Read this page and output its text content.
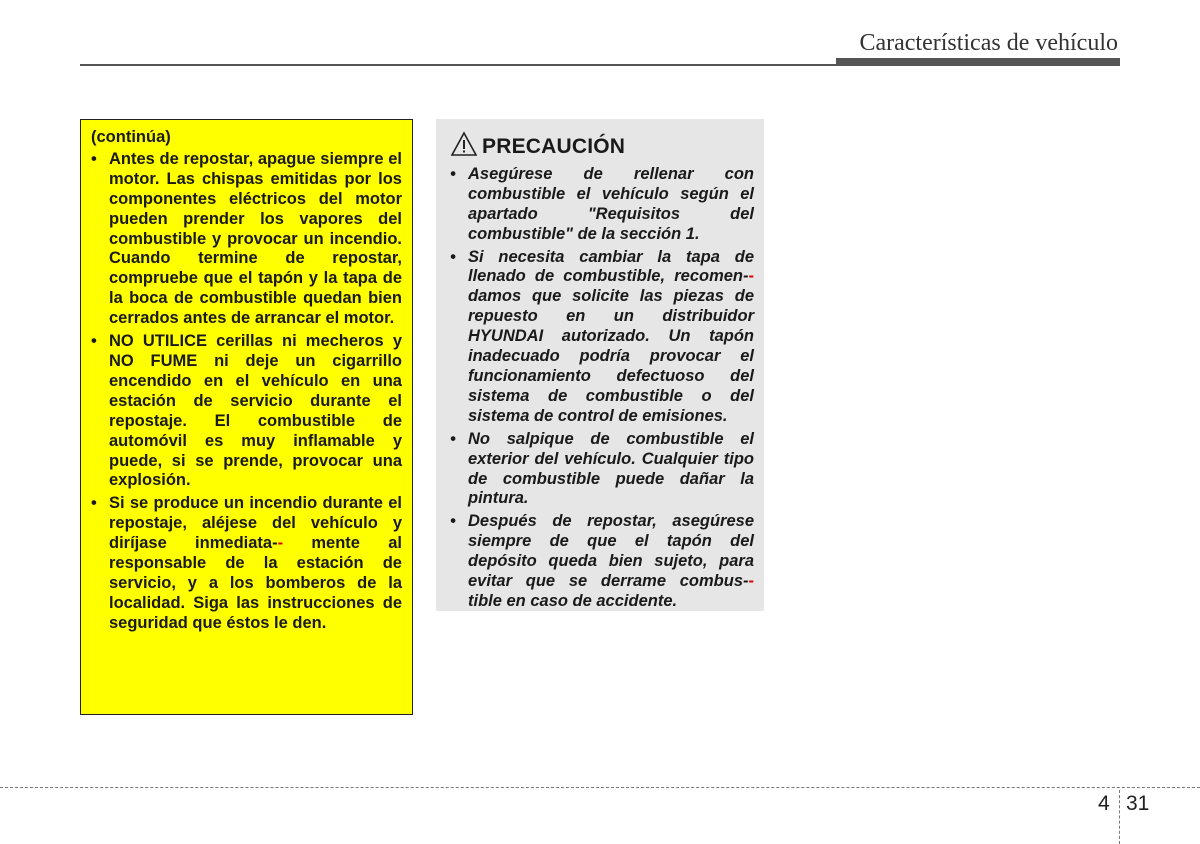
Características de vehículo
(continúa)
• Antes de repostar, apague siempre el motor. Las chispas emitidas por los componentes eléctricos del motor pueden prender los vapores del combustible y provocar un incendio. Cuando termine de repostar, compruebe que el tapón y la tapa de la boca de combustible quedan bien cerrados antes de arrancar el motor.
• NO UTILICE cerillas ni mecheros y NO FUME ni deje un cigarrillo encendido en el vehículo en una estación de servicio durante el repostaje. El combustible de automóvil es muy inflamable y puede, si se prende, provocar una explosión.
• Si se produce un incendio durante el repostaje, aléjese del vehículo y diríjase inmediata-- mente al responsable de la estación de servicio, y a los bomberos de la localidad. Siga las instrucciones de seguridad que éstos le den.
PRECAUCIÓN
• Asegúrese de rellenar con combustible el vehículo según el apartado "Requisitos del combustible" de la sección 1.
• Si necesita cambiar la tapa de llenado de combustible, recomen-- damos que solicite las piezas de repuesto en un distribuidor HYUNDAI autorizado. Un tapón inadecuado podría provocar el funcionamiento defectuoso del sistema de combustible o del sistema de control de emisiones.
• No salpique de combustible el exterior del vehículo. Cualquier tipo de combustible puede dañar la pintura.
• Después de repostar, asegúrese siempre de que el tapón del depósito queda bien sujeto, para evitar que se derrame combus-- tible en caso de accidente.
4 31
